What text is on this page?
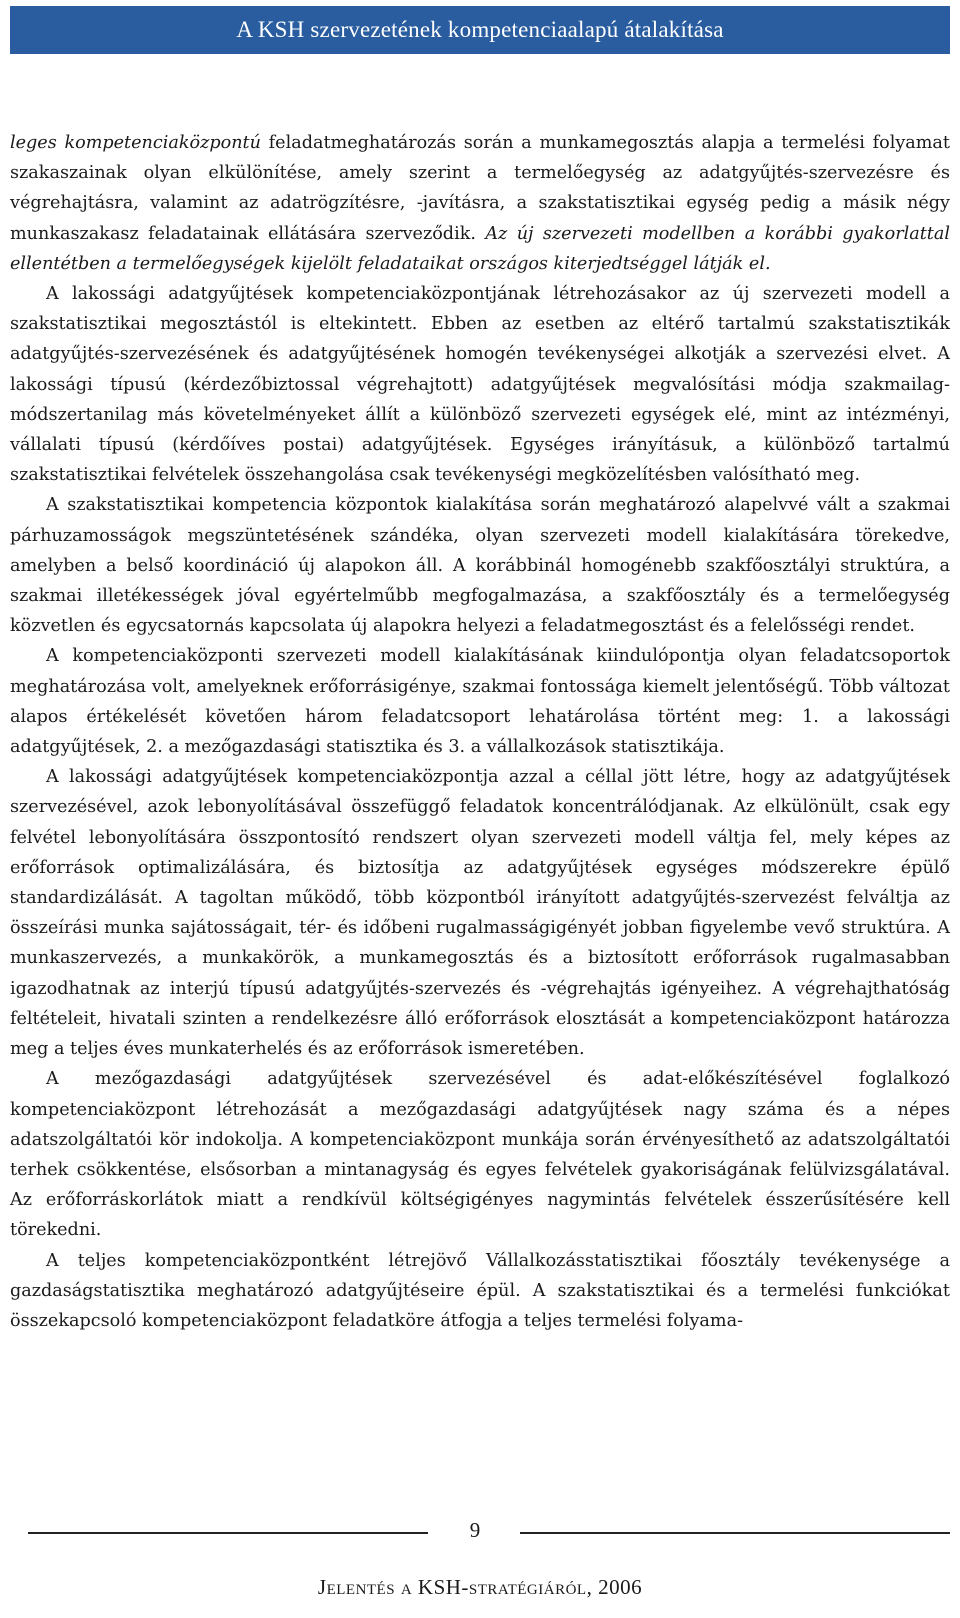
A KSH szervezetének kompetenciaalapú átalakítása

leges kompetenciaközpontú feladatmeghatározás során a munkamegosztás alapja a termelési folyamat szakaszainak olyan elkülönítése, amely szerint a termelőegység az adatgyűjtés-szervezésre és végrehajtásra, valamint az adatrögzítésre, -javításra, a szakstatisztikai egység pedig a másik négy munkaszakasz feladatainak ellátására szerveződik. Az új szervezeti modellben a korábbi gyakorlattal ellentétben a termelőegységek kijelölt feladataikat országos kiterjedtséggel látják el.

A lakossági adatgyűjtések kompetenciaközpontjának létrehozásakor az új szervezeti modell a szakstatisztikai megosztástól is eltekintett. Ebben az esetben az eltérő tartalmú szakstatisztikák adatgyűjtés-szervezésének és adatgyűjtésének homogén tevékenységei alkotják a szervezési elvet. A lakossági típusú (kérdezőbiztossal végrehajtott) adatgyűjtések megvalósítási módja szakmailag-módszertanilag más követelményeket állít a különböző szervezeti egységek elé, mint az intézményi, vállalati típusú (kérdőíves postai) adatgyűjtések. Egységes irányításuk, a különböző tartalmú szakstatisztikai felvételek összehangolása csak tevékenységi megközelítésben valósítható meg.

A szakstatisztikai kompetencia központok kialakítása során meghatározó alapelvvé vált a szakmai párhuzamosságok megszüntetésének szándéka, olyan szervezeti modell kialakítására törekedve, amelyben a belső koordináció új alapokon áll. A korábbinál homogénebb szakfőosztályi struktúra, a szakmai illetékességek jóval egyértelműbb megfogalmazása, a szakfőosztály és a termelőegység közvetlen és egycsatornás kapcsolata új alapokra helyezi a feladatmegosztást és a felelősségi rendet.

A kompetenciaközponti szervezeti modell kialakításának kiindulópontja olyan feladatcsoportok meghatározása volt, amelyeknek erőforrásigénye, szakmai fontossága kiemelt jelentőségű. Több változat alapos értékelését követően három feladatcsoport lehatárolása történt meg: 1. a lakossági adatgyűjtések, 2. a mezőgazdasági statisztika és 3. a vállalkozások statisztikája.

A lakossági adatgyűjtések kompetenciaközpontja azzal a céllal jött létre, hogy az adatgyűjtések szervezésével, azok lebonyolításával összefüggő feladatok koncentrálódjanak. Az elkülönült, csak egy felvétel lebonyolítására összpontosító rendszert olyan szervezeti modell váltja fel, mely képes az erőforrások optimalizálására, és biztosítja az adatgyűjtések egységes módszerekre épülő standardizálását. A tagoltan működő, több központból irányított adatgyűjtés-szervezést felváltja az összeírási munka sajátosságait, tér- és időbeni rugalmasságigényét jobban figyelembe vevő struktúra. A munkaszervezés, a munkakörök, a munkamegosztás és a biztosított erőforrások rugalmasabban igazodhatnak az interjú típusú adatgyűjtés-szervezés és -végrehajtás igényeihez. A végrehajthatóság feltételeit, hivatali szinten a rendelkezésre álló erőforrások elosztását a kompetenciaközpont határozza meg a teljes éves munkaterhelés és az erőforrások ismeretében.

A mezőgazdasági adatgyűjtések szervezésével és adat-előkészítésével foglalkozó kompetenciaközpont létrehozását a mezőgazdasági adatgyűjtések nagy száma és a népes adatszolgáltatói kör indokolja. A kompetenciaközpont munkája során érvényesíthető az adatszolgáltatói terhek csökkentése, elsősorban a mintanagyság és egyes felvételek gyakoriságának felülvizsgálatával. Az erőforráskorlátok miatt a rendkívül költségigényes nagymintás felvételek ésszerűsítésére kell törekedni.

A teljes kompetenciaközpontként létrejövő Vállalkozásstatisztikai főosztály tevékenysége a gazdaságstatisztika meghatározó adatgyűjtéseire épül. A szakstatisztikai és a termelési funkciókat összekapcsoló kompetenciaközpont feladatköre átfogja a teljes termelési folyama-

9
Jelentés a KSH-stratégiáról, 2006
